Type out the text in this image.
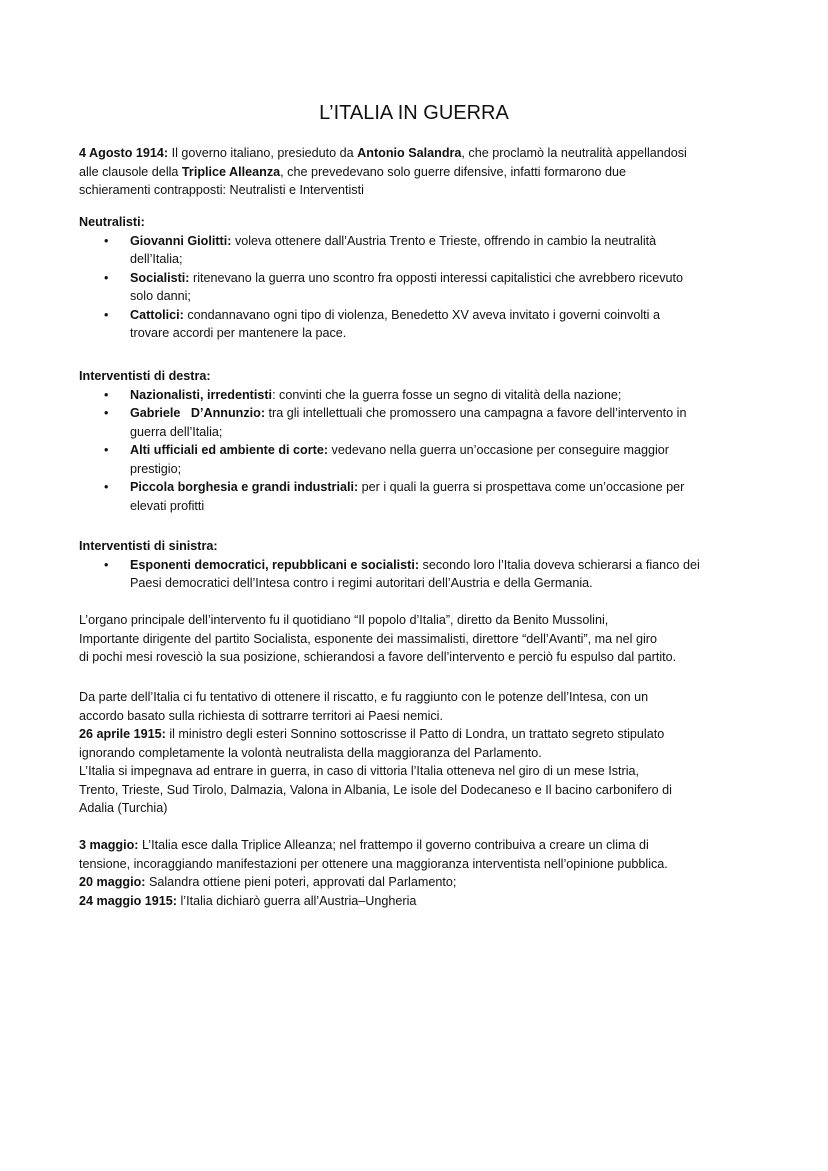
L’ITALIA IN GUERRA
4 Agosto 1914: Il governo italiano, presieduto da Antonio Salandra, che proclamò la neutralità appellandosi
alle clausole della Triplice Alleanza, che prevedevano solo guerre difensive, infatti formarono due
schieramenti contrapposti: Neutralisti e Interventisti
Neutralisti:
• Giovanni Giolitti: voleva ottenere dall’Austria Trento e Trieste, offrendo in cambio la neutralità
dell’Italia;
• Socialisti: ritenevano la guerra uno scontro fra opposti interessi capitalistici che avrebbero ricevuto
solo danni;
• Cattolici: condannavano ogni tipo di violenza, Benedetto XV aveva invitato i governi coinvolti a
trovare accordi per mantenere la pace.
Interventisti di destra:
• Nazionalisti, irredentisti: convinti che la guerra fosse un segno di vitalità della nazione;
• Gabriele   D’Annunzio: tra gli intellettuali che promossero una campagna a favore dell’intervento in
guerra dell’Italia;
• Alti ufficiali ed ambiente di corte: vedevano nella guerra un’occasione per conseguire maggior
prestigio;
• Piccola borghesia e grandi industriali: per i quali la guerra si prospettava come un’occasione per
elevati profitti
Interventisti di sinistra:
• Esponenti democratici, repubblicani e socialisti: secondo loro l’Italia doveva schierarsi a fianco dei
Paesi democratici dell’Intesa contro i regimi autoritari dell’Austria e della Germania.
L’organo principale dell’intervento fu il quotidiano “Il popolo d’Italia”, diretto da Benito Mussolini,
Importante dirigente del partito Socialista, esponente dei massimalisti, direttore “dell’Avanti”, ma nel giro
di pochi mesi rovesciò la sua posizione, schierandosi a favore dell’intervento e perciò fu espulso dal partito.
Da parte dell’Italia ci fu tentativo di ottenere il riscatto, e fu raggiunto con le potenze dell’Intesa, con un
accordo basato sulla richiesta di sottrarre territori ai Paesi nemici.
26 aprile 1915: il ministro degli esteri Sonnino sottoscrisse il Patto di Londra, un trattato segreto stipulato
ignorando completamente la volontà neutralista della maggioranza del Parlamento.
L’Italia si impegnava ad entrare in guerra, in caso di vittoria l’Italia otteneva nel giro di un mese Istria,
Trento, Trieste, Sud Tirolo, Dalmazia, Valona in Albania, Le isole del Dodecaneso e Il bacino carbonifero di
Adalia (Turchia)
3 maggio: L’Italia esce dalla Triplice Alleanza; nel frattempo il governo contribuiva a creare un clima di
tensione, incoraggiando manifestazioni per ottenere una maggioranza interventista nell’opinione pubblica.
20 maggio: Salandra ottiene pieni poteri, approvati dal Parlamento;
24 maggio 1915: l’Italia dichiarò guerra all’Austria–Ungheria
